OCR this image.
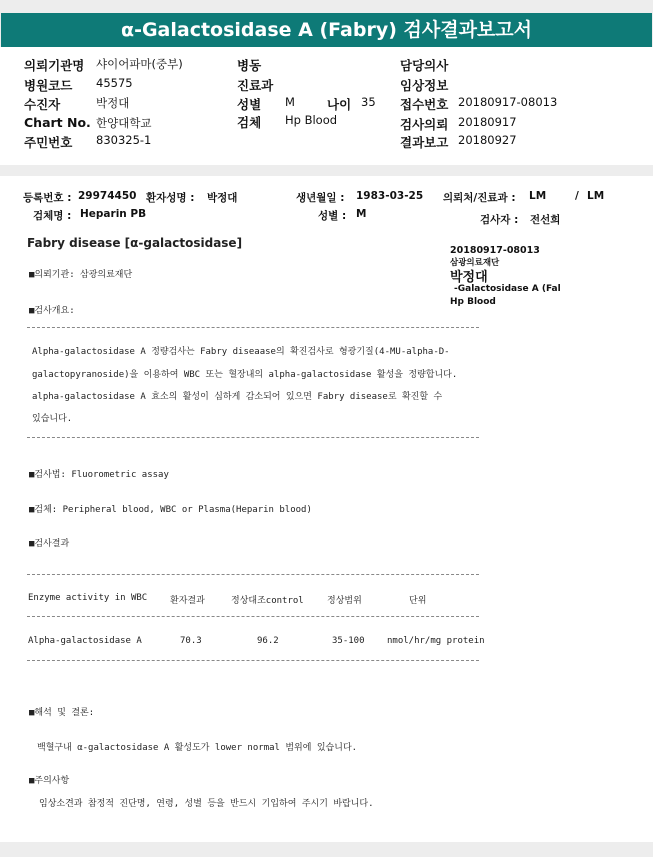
α-Galactosidase A (Fabry) 검사결과보고서
의뢰기관명 샤이어파마(중부)
병원코드 45575
수진자	박정대
Chart No. 한양대학교
주민번호 830325-1
병동
진료과
성별 M	나이 35
검체 Hp Blood
담당의사
임상정보
접수번호 20180917-08013
검사의뢰 20180917
결과보고 20180927
등록번호 : 29974450 환자성명 : 박정대	생년월일 : 1983-03-25 의뢰처/진료과 : LM	/ LM
검체명 : Heparin PB	성별 : M	검사자 : 전선희
Fabry disease [α-galactosidase]
20180917-08013
삼광의료재단
박정대
-Galactosidase A (Fal
Hp Blood
■의뢰기관: 삼광의료재단
■검사개요:
Alpha-galactosidase A 정량검사는 Fabry diseaase의 확진검사로 형광기질(4-MU-alpha-D-
galactopyranoside)을 이용하여 WBC 또는 혈장내의 alpha-galactosidase 활성을 정량합니다.
alpha-galactosidase A 효소의 활성이 심하게 감소되어 있으면 Fabry disease로 확진할 수
있습니다.
■검사법: Fluorometric assay
■검체: Peripheral blood, WBC or Plasma(Heparin blood)
■검사결과
Enzyme activity in WBC	환자결과	정상대조control	정상범위	단위
Alpha-galactosidase A	70.3	96.2	35-100 nmol/hr/mg protein
■해석 및 결론:
백혈구내 α-galactosidase A 활성도가 lower normal 범위에 있습니다.
■주의사항
임상소견과 참정적 진단명, 연령, 성별 등을 반드시 기입하여 주시기 바랍니다.
